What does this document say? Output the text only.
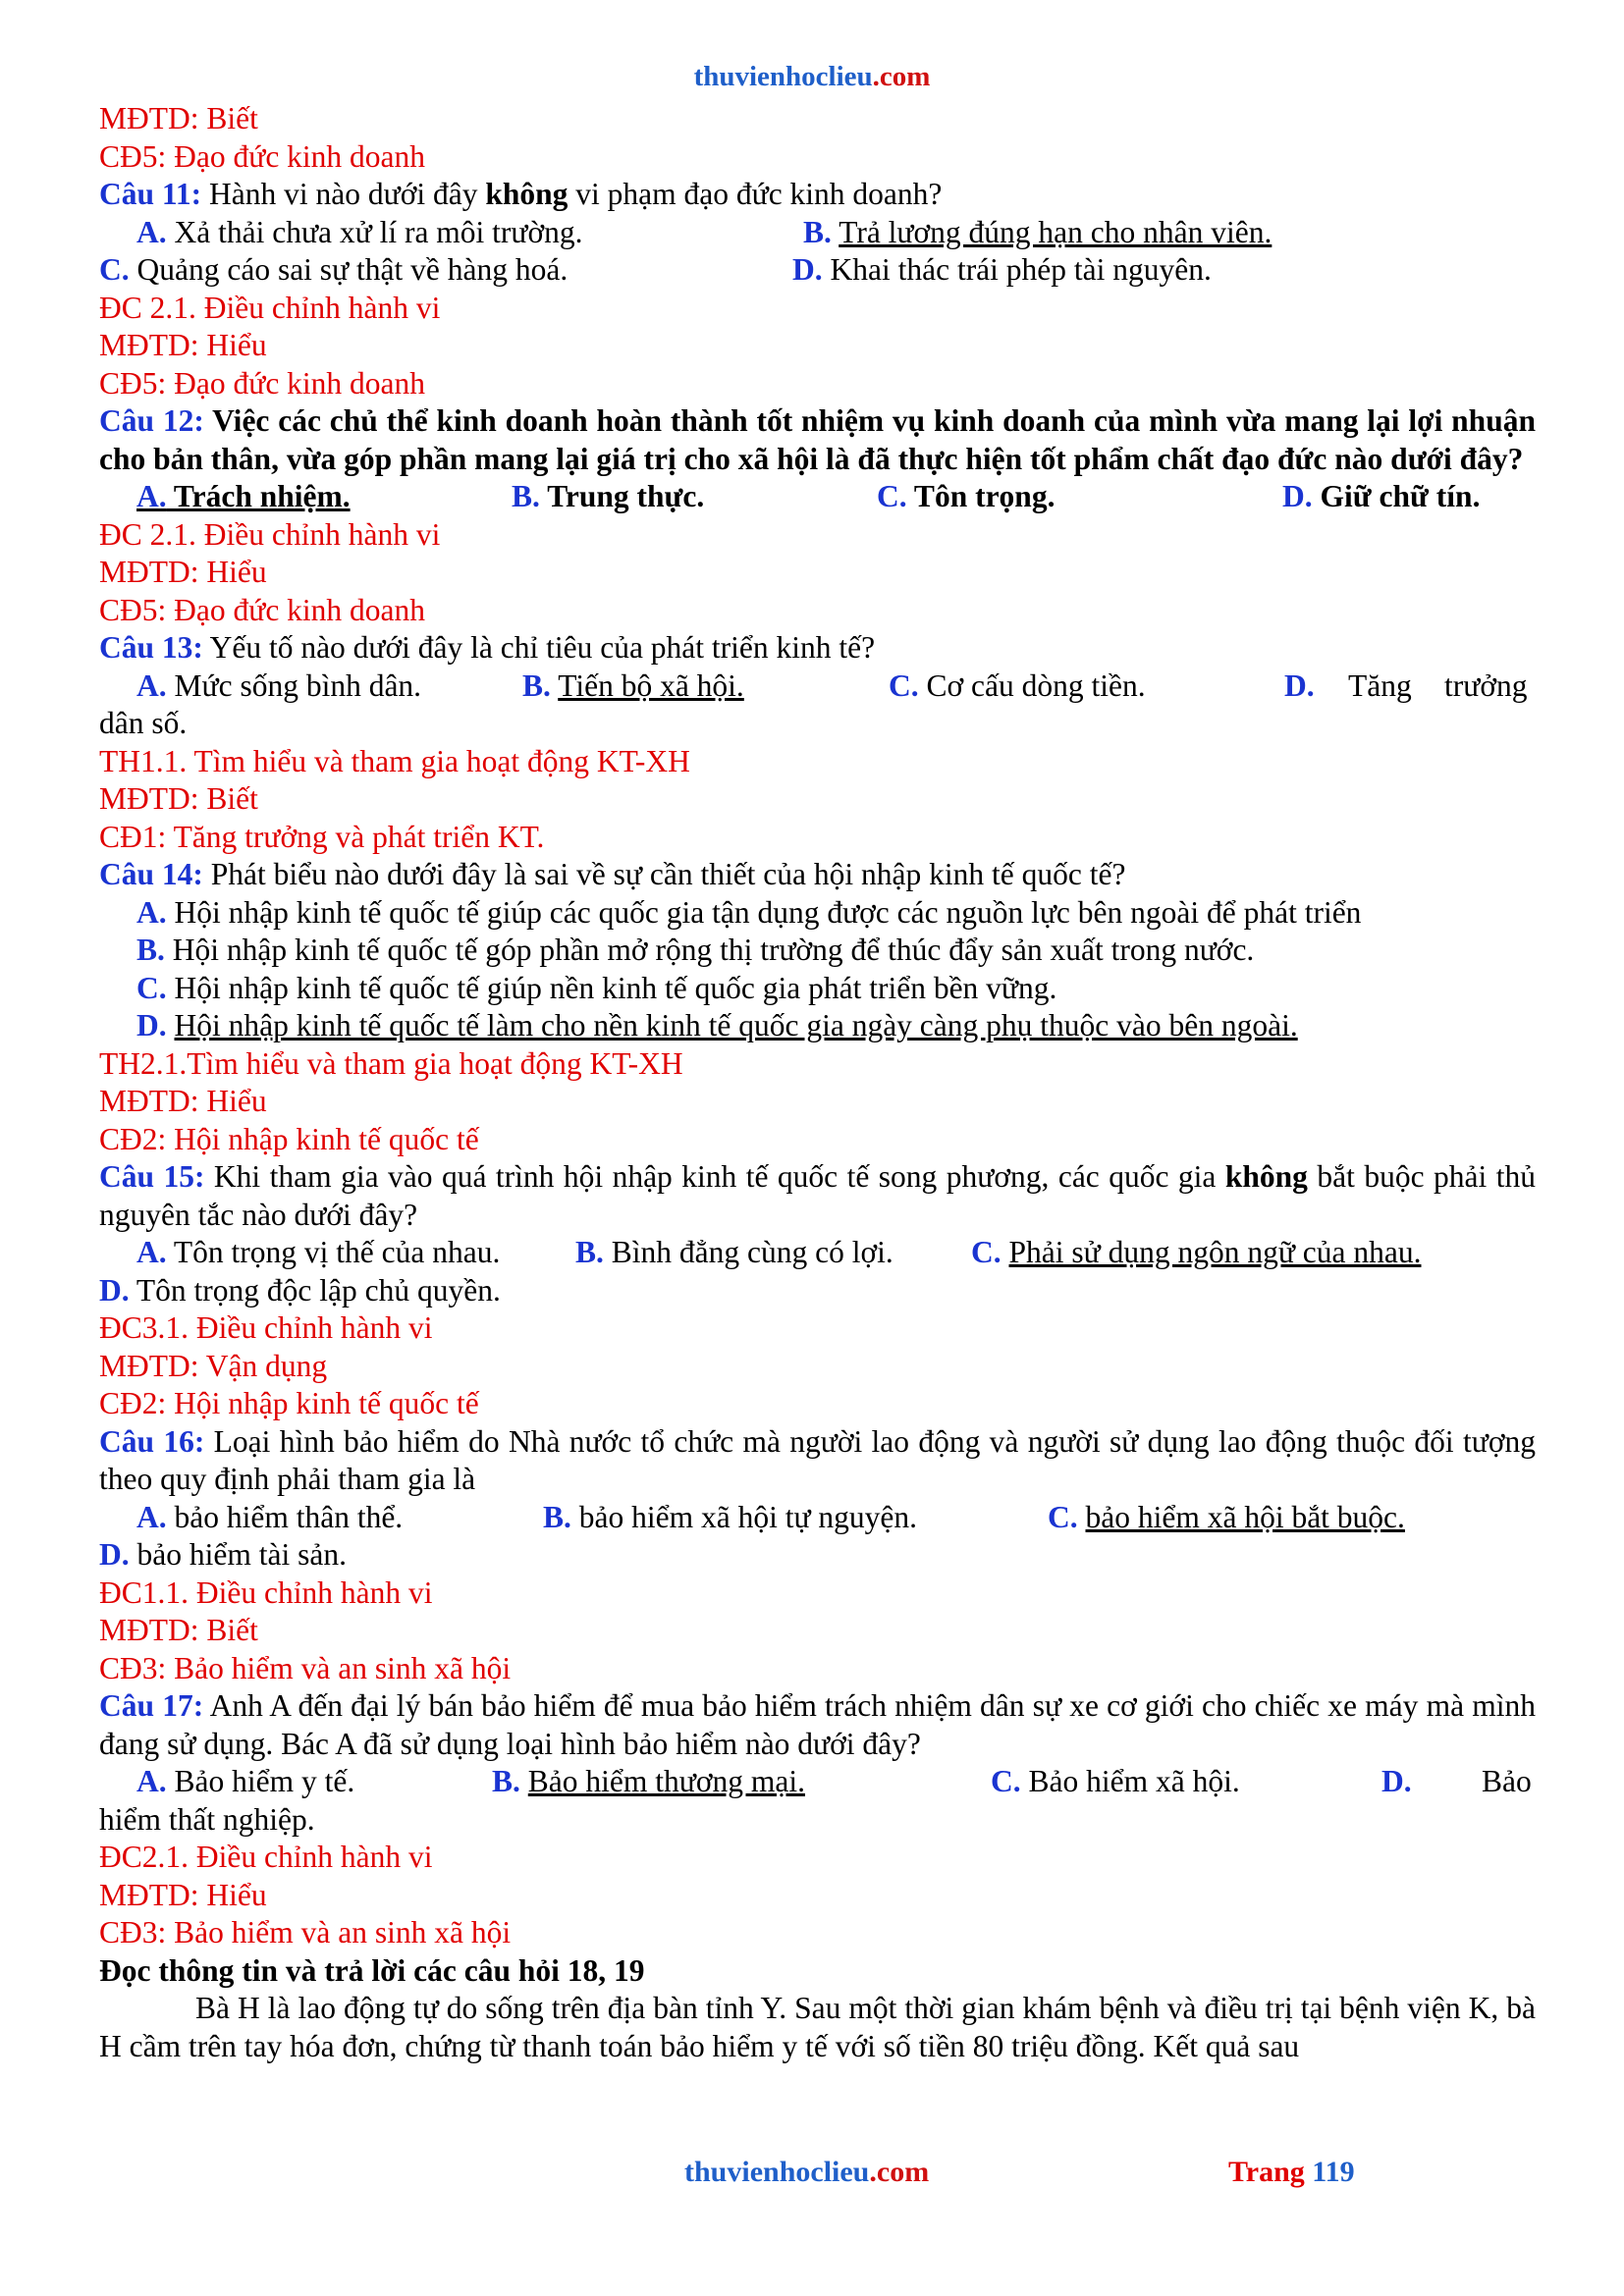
thuvienhoclieu.com
MĐTD: Biết
CĐ5: Đạo đức kinh doanh
Câu 11: Hành vi nào dưới đây không vi phạm đạo đức kinh doanh?
A. Xả thải chưa xử lí ra môi trường.	B. Trả lương đúng hạn cho nhân viên.
C. Quảng cáo sai sự thật về hàng hoá.	D. Khai thác trái phép tài nguyên.
ĐC 2.1. Điều chỉnh hành vi
MĐTD: Hiểu
CĐ5: Đạo đức kinh doanh
Câu 12: Việc các chủ thể kinh doanh hoàn thành tốt nhiệm vụ kinh doanh của mình vừa mang lại lợi nhuận cho bản thân, vừa góp phần mang lại giá trị cho xã hội là đã thực hiện tốt phẩm chất đạo đức nào dưới đây?
A. Trách nhiệm.	B. Trung thực.	C. Tôn trọng.	D. Giữ chữ tín.
ĐC 2.1. Điều chỉnh hành vi
MĐTD: Hiểu
CĐ5: Đạo đức kinh doanh
Câu 13: Yếu tố nào dưới đây là chỉ tiêu của phát triển kinh tế?
A. Mức sống bình dân.	B. Tiến bộ xã hội.	C. Cơ cấu dòng tiền.	D. Tăng trưởng
dân số.
TH1.1. Tìm hiểu và tham gia hoạt động KT-XH
MĐTD: Biết
CĐ1: Tăng trưởng và phát triển KT.
Câu 14: Phát biểu nào dưới đây là sai về sự cần thiết của hội nhập kinh tế quốc tế?
A. Hội nhập kinh tế quốc tế giúp các quốc gia tận dụng được các nguồn lực bên ngoài để phát triển
B. Hội nhập kinh tế quốc tế góp phần mở rộng thị trường để thúc đẩy sản xuất trong nước.
C. Hội nhập kinh tế quốc tế giúp nền kinh tế quốc gia phát triển bền vững.
D. Hội nhập kinh tế quốc tế làm cho nền kinh tế quốc gia ngày càng phụ thuộc vào bên ngoài.
TH2.1.Tìm hiểu và tham gia hoạt động KT-XH
MĐTD: Hiểu
CĐ2: Hội nhập kinh tế quốc tế
Câu 15: Khi tham gia vào quá trình hội nhập kinh tế quốc tế song phương, các quốc gia không bắt buộc phải thủ nguyên tắc nào dưới đây?
A. Tôn trọng vị thế của nhau. B. Bình đẳng cùng có lợi.	C. Phải sử dụng ngôn ngữ của nhau.
D. Tôn trọng độc lập chủ quyền.
ĐC3.1. Điều chỉnh hành vi
MĐTD: Vận dụng
CĐ2: Hội nhập kinh tế quốc tế
Câu 16: Loại hình bảo hiểm do Nhà nước tổ chức mà người lao động và người sử dụng lao động thuộc đối tượng theo quy định phải tham gia là
A. bảo hiểm thân thể.	B. bảo hiểm xã hội tự nguyện.	C. bảo hiểm xã hội bắt buộc.
D. bảo hiểm tài sản.
ĐC1.1. Điều chỉnh hành vi
MĐTD: Biết
CĐ3: Bảo hiểm và an sinh xã hội
Câu 17: Anh A đến đại lý bán bảo hiểm để mua bảo hiểm trách nhiệm dân sự xe cơ giới cho chiếc xe máy mà mình đang sử dụng. Bác A đã sử dụng loại hình bảo hiểm nào dưới đây?
A. Bảo hiểm y tế.	B. Bảo hiểm thương mại.	C. Bảo hiểm xã hội.	D. Bảo
hiểm thất nghiệp.
ĐC2.1. Điều chỉnh hành vi
MĐTD: Hiểu
CĐ3: Bảo hiểm và an sinh xã hội
Đọc thông tin và trả lời các câu hỏi 18, 19
Bà H là lao động tự do sống trên địa bàn tỉnh Y. Sau một thời gian khám bệnh và điều trị tại bệnh viện K, bà H cầm trên tay hóa đơn, chứng từ thanh toán bảo hiểm y tế với số tiền 80 triệu đồng. Kết quả sau
thuvienhoclieu.com	Trang 119
